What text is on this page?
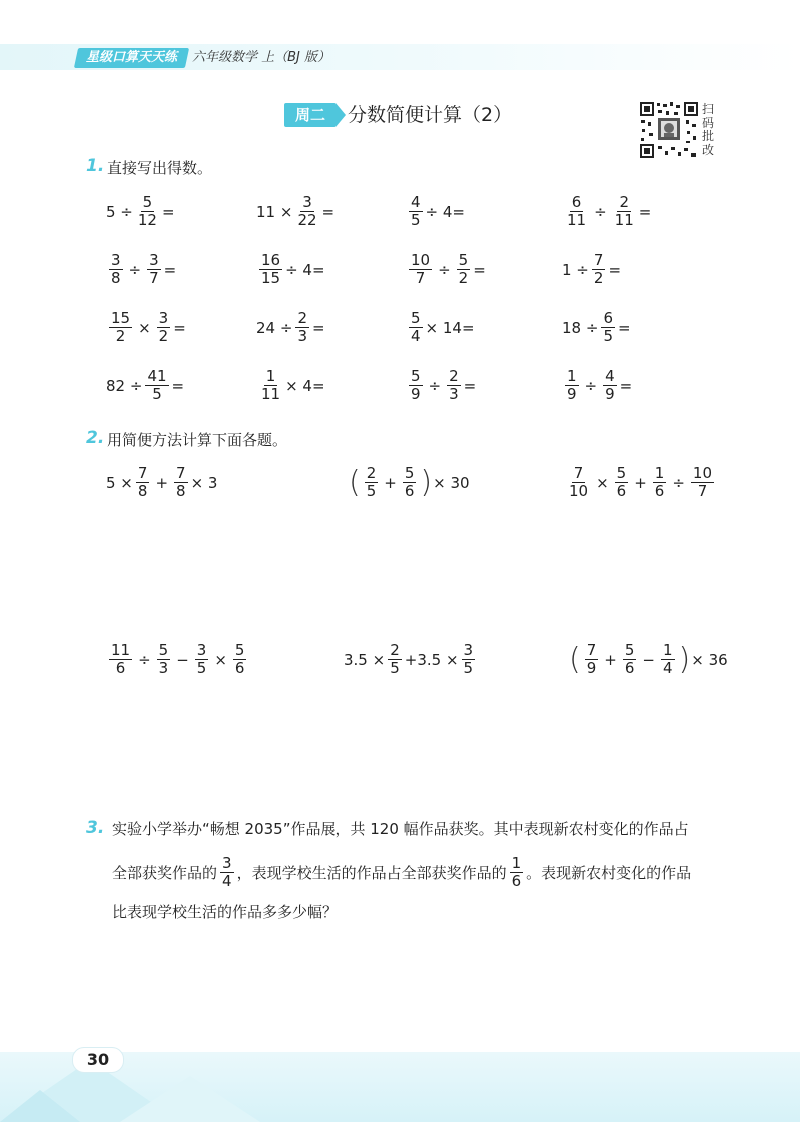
星级口算天天练	六年级数学 上（BJ 版）
周二	分数简便计算（2）	扫
码
批
改
1. 直接写出得数。
$5 \div \frac{5}{12}$ =	$11 \times \frac{3}{22}$ =	$\frac{4}{5} \div 4=$	$\frac{6}{11} \div \frac{2}{11}$ =
$\frac{3}{8} \div \frac{3}{7}$ =	$\frac{16}{15} \div 4=$	$\frac{10}{7} \div \frac{5}{2}$ =	$1 \div \frac{7}{2}$ =
$\frac{15}{2} \times \frac{3}{2}$ =	$24 \div \frac{2}{3}$ =	$\frac{5}{4} \times 14=$	$18 \div \frac{6}{5}$ =
$82 \div \frac{41}{5}$ =	$\frac{1}{11} \times 4=$	$\frac{5}{9} \div \frac{2}{3}$ =	$\frac{1}{9} \div \frac{4}{9}$ =
2. 用简便方法计算下面各题。
$5 \times \frac{7}{8} + \frac{7}{8} \times 3$	( $\frac{2}{5} + \frac{5}{6}$ ) × 30	$\frac{7}{10} \times \frac{5}{6} + \frac{1}{6} \div \frac{10}{7}$
$\frac{11}{6} \div \frac{5}{3} - \frac{3}{5} \times \frac{5}{6}$	$3.5 \times \frac{2}{5} +3.5 \times \frac{3}{5}$	( $\frac{7}{9} + \frac{5}{6} - \frac{1}{4}$ ) × 36
3. 实验小学举办“畅想 2035”作品展，共 120 幅作品获奖。其中表现新农村变化的作品占
全部获奖作品的 $\frac{3}{4}$ ，表现学校生活的作品占全部获奖作品的 $\frac{1}{6}$ 。表现新农村变化的作品
比表现学校生活的作品多多少幅？
30
